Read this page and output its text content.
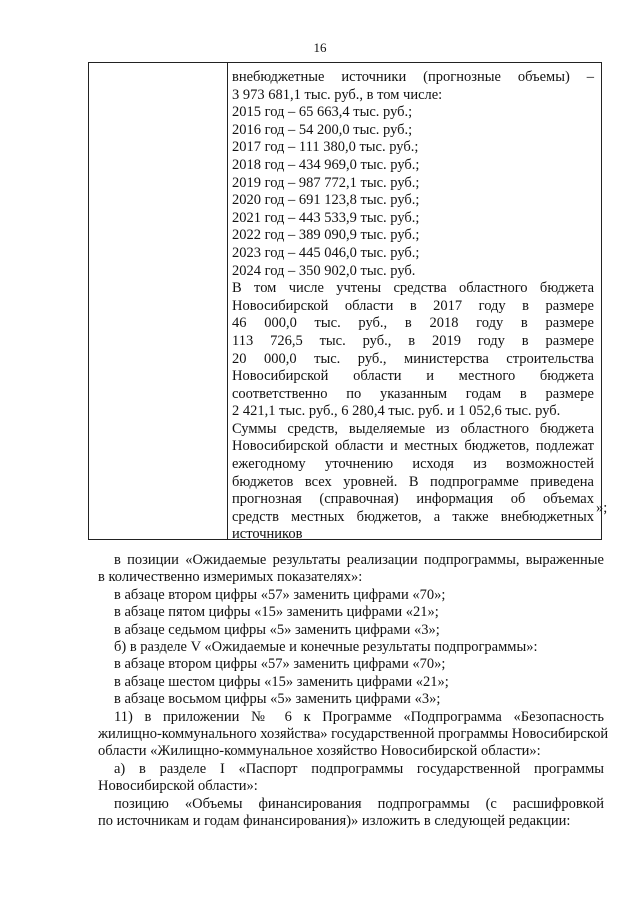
16
внебюджетные источники (прогнозные объемы) –
3 973 681,1 тыс. руб., в том числе:
2015 год – 65 663,4 тыс. руб.;
2016 год – 54 200,0 тыс. руб.;
2017 год – 111 380,0 тыс. руб.;
2018 год – 434 969,0 тыс. руб.;
2019 год – 987 772,1 тыс. руб.;
2020 год – 691 123,8 тыс. руб.;
2021 год – 443 533,9 тыс. руб.;
2022 год – 389 090,9 тыс. руб.;
2023 год – 445 046,0 тыс. руб.;
2024 год – 350 902,0 тыс. руб.
В том числе учтены средства областного бюджета
Новосибирской области в 2017 году в размере
46 000,0 тыс. руб., в 2018 году в размере
113 726,5 тыс. руб., в 2019 году в размере
20 000,0 тыс. руб., министерства строительства
Новосибирской области и местного бюджета
соответственно по указанным годам в размере
2 421,1 тыс. руб., 6 280,4 тыс. руб. и 1 052,6 тыс. руб.
Суммы средств, выделяемые из областного бюджета
Новосибирской области и местных бюджетов, подлежат
ежегодному уточнению исходя из возможностей
бюджетов всех уровней. В подпрограмме приведена
прогнозная (справочная) информация об объемах
средств местных бюджетов, а также внебюджетных
источников
»;
в позиции «Ожидаемые результаты реализации подпрограммы, выраженные
в количественно измеримых показателях»:
в абзаце втором цифры «57» заменить цифрами «70»;
в абзаце пятом цифры «15» заменить цифрами «21»;
в абзаце седьмом цифры «5» заменить цифрами «3»;
б) в разделе V «Ожидаемые и конечные результаты подпрограммы»:
в абзаце втором цифры «57» заменить цифрами «70»;
в абзаце шестом цифры «15» заменить цифрами «21»;
в абзаце восьмом цифры «5» заменить цифрами «3»;
11) в приложении № 6 к Программе «Подпрограмма «Безопасность
жилищно-коммунального хозяйства» государственной программы Новосибирской
области «Жилищно-коммунальное хозяйство Новосибирской области»:
а) в разделе I «Паспорт подпрограммы государственной программы
Новосибирской области»:
позицию «Объемы финансирования подпрограммы (с расшифровкой
по источникам и годам финансирования)» изложить в следующей редакции:
